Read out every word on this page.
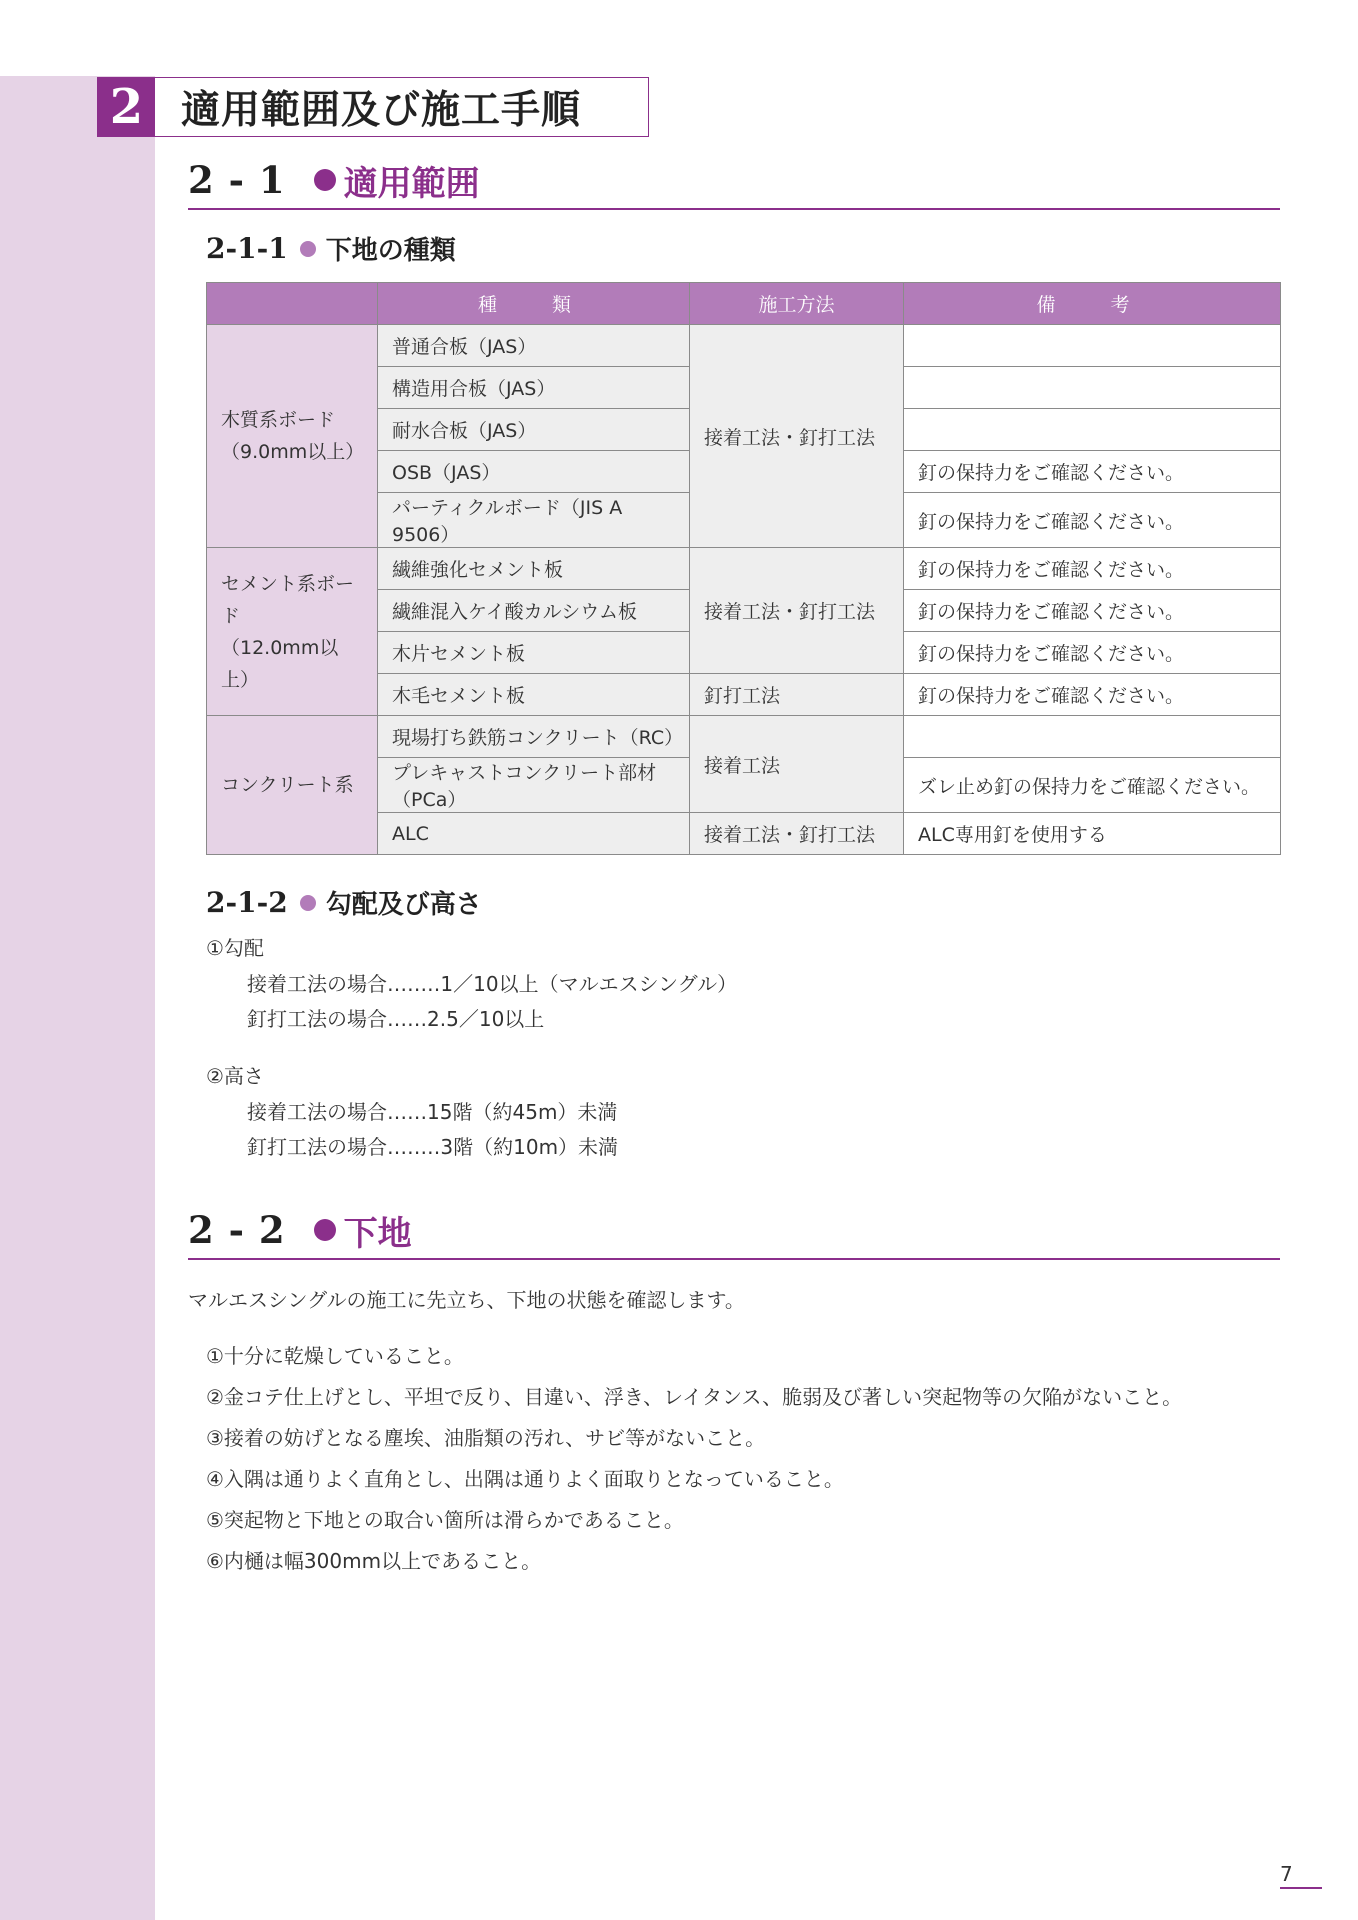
2 適用範囲及び施工手順
2 - 1 適用範囲
2-1-1 下地の種類
	種　類	施工方法	備　考
木質系ボード
（9.0mm以上）	普通合板（JAS）	接着工法・釘打工法	
	構造用合板（JAS）		
	耐水合板（JAS）		
	OSB（JAS）		釘の保持力をご確認ください。
	パーティクルボード（JIS A 9506）		釘の保持力をご確認ください。
セメント系ボード
（12.0mm以上）	繊維強化セメント板	接着工法・釘打工法	釘の保持力をご確認ください。
	繊維混入ケイ酸カルシウム板		釘の保持力をご確認ください。
	木片セメント板		釘の保持力をご確認ください。
	木毛セメント板	釘打工法	釘の保持力をご確認ください。
コンクリート系	現場打ち鉄筋コンクリート（RC）	接着工法	
	プレキャストコンクリート部材（PCa）		ズレ止め釘の保持力をご確認ください。
	ALC	接着工法・釘打工法	ALC専用釘を使用する
2-1-2 勾配及び高さ
①勾配
接着工法の場合‥‥‥‥1／10以上（マルエスシングル）
釘打工法の場合‥‥‥2.5／10以上
②高さ
接着工法の場合‥‥‥15階（約45m）未満
釘打工法の場合‥‥‥‥3階（約10m）未満
2 - 2 下地
マルエスシングルの施工に先立ち、下地の状態を確認します。
①十分に乾燥していること。
②金コテ仕上げとし、平坦で反り、目違い、浮き、レイタンス、脆弱及び著しい突起物等の欠陥がないこと。
③接着の妨げとなる塵埃、油脂類の汚れ、サビ等がないこと。
④入隅は通りよく直角とし、出隅は通りよく面取りとなっていること。
⑤突起物と下地との取合い箇所は滑らかであること。
⑥内樋は幅300mm以上であること。
7
